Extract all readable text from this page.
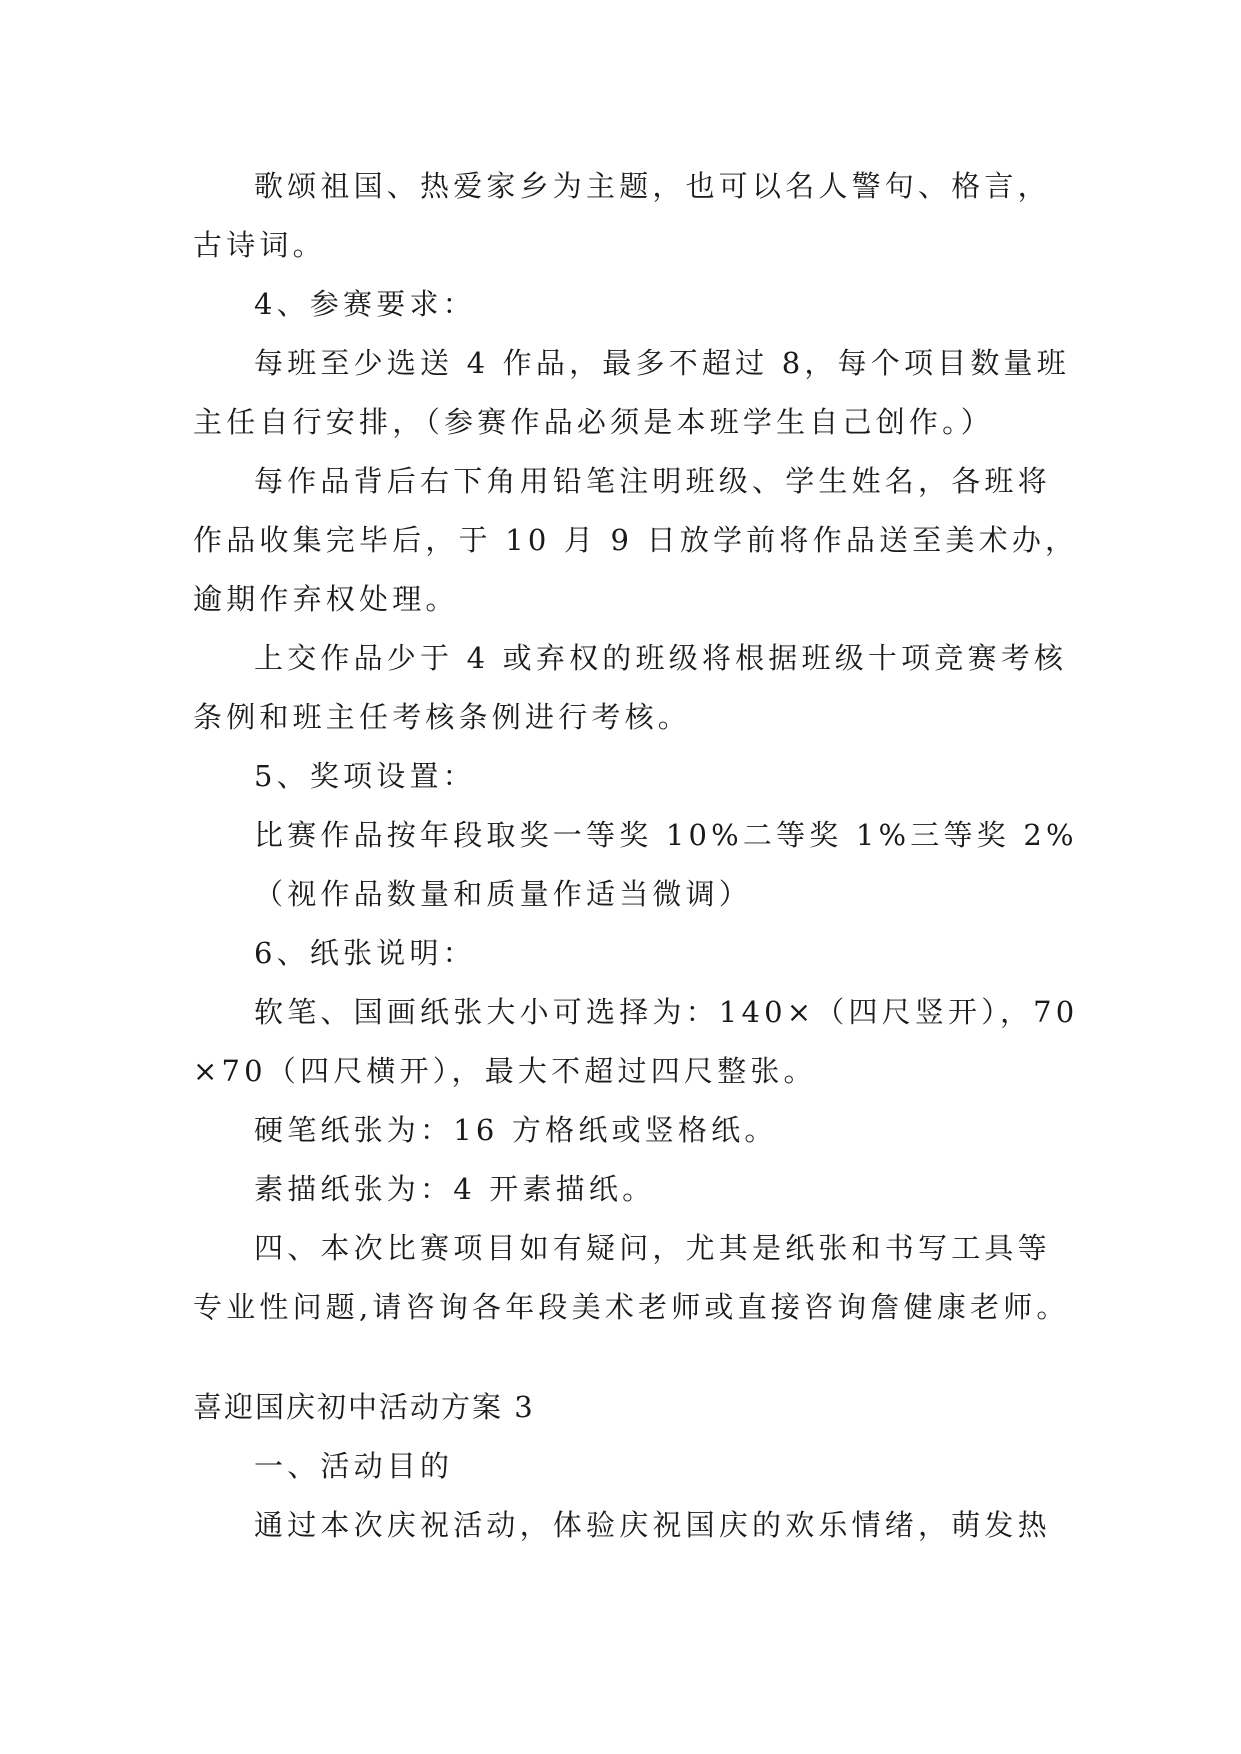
歌颂祖国、热爱家乡为主题，也可以名人警句、格言，
古诗词。
4、参赛要求：
每班至少选送 4 作品，最多不超过 8，每个项目数量班
主任自行安排，（参赛作品必须是本班学生自己创作。）
每作品背后右下角用铅笔注明班级、学生姓名，各班将
作品收集完毕后，于 10 月 9 日放学前将作品送至美术办，
逾期作弃权处理。
上交作品少于 4 或弃权的班级将根据班级十项竞赛考核
条例和班主任考核条例进行考核。
5、奖项设置：
比赛作品按年段取奖一等奖 10%二等奖 1%三等奖 2%
（视作品数量和质量作适当微调）
6、纸张说明：
软笔、国画纸张大小可选择为：140×（四尺竖开），70
×70（四尺横开），最大不超过四尺整张。
硬笔纸张为：16 方格纸或竖格纸。
素描纸张为：4 开素描纸。
四、本次比赛项目如有疑问，尤其是纸张和书写工具等
专业性问题,请咨询各年段美术老师或直接咨询詹健康老师。
喜迎国庆初中活动方案 3
一、活动目的
通过本次庆祝活动，体验庆祝国庆的欢乐情绪，萌发热
